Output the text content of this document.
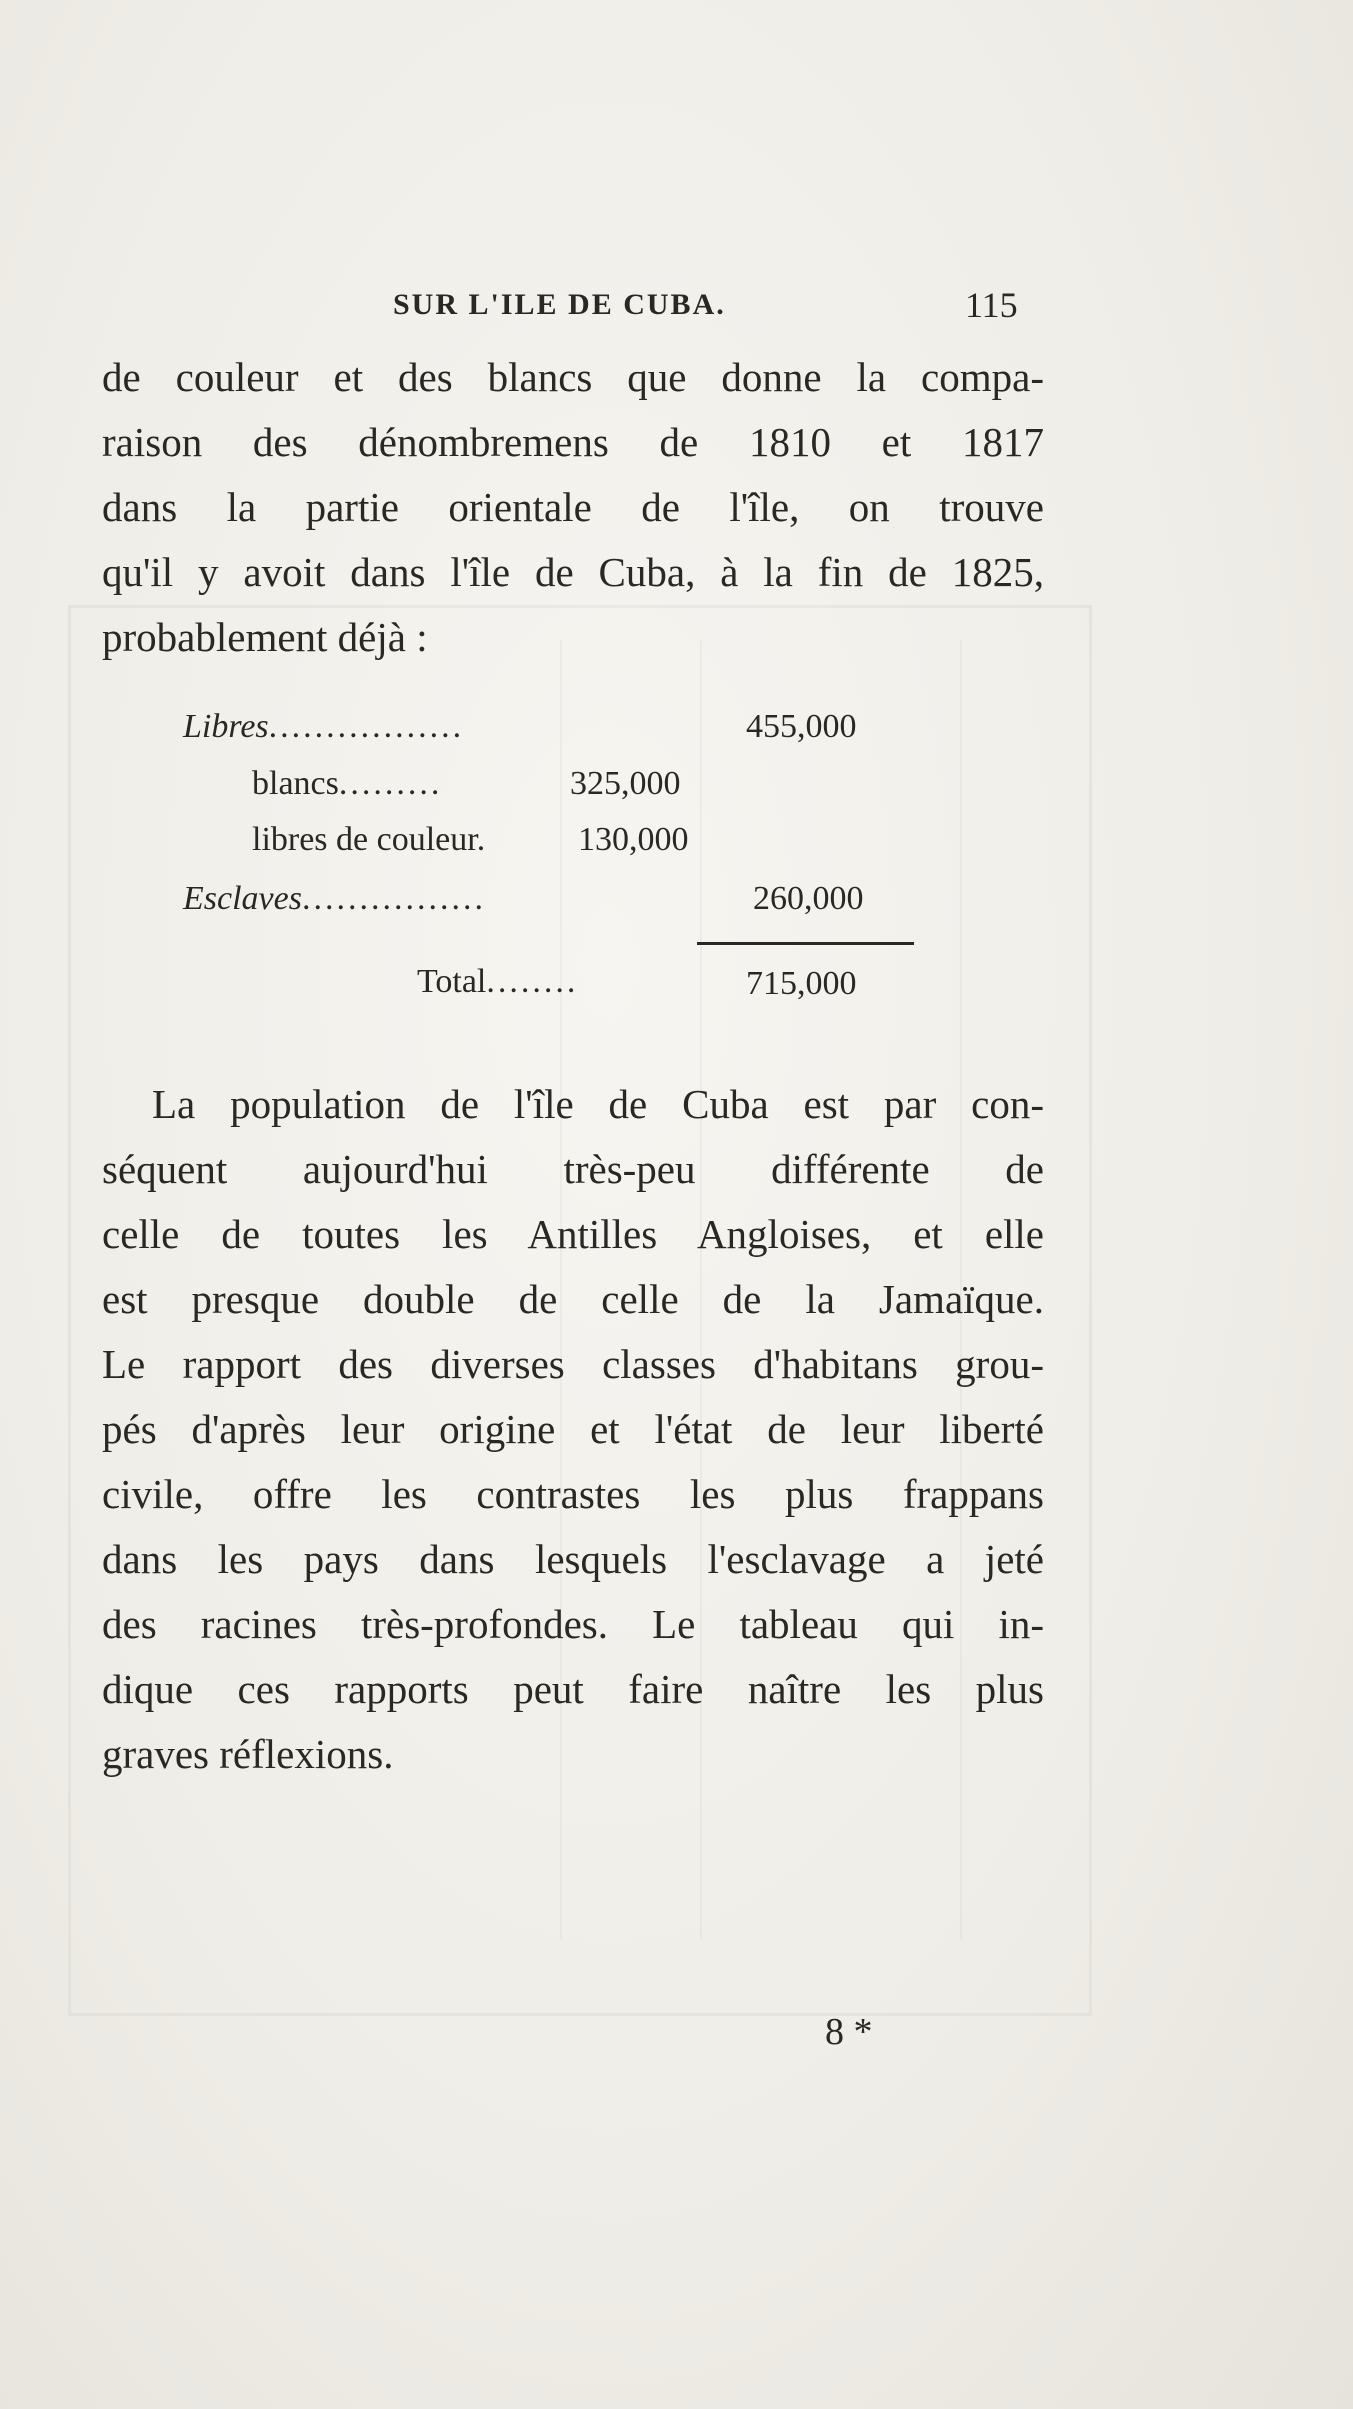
SUR L'ILE DE CUBA.	115
de couleur et des blancs que donne la compa-
raison des dénombremens de 1810 et 1817
dans la partie orientale de l'île, on trouve
qu'il y avoit dans l'île de Cuba, à la fin de 1825,
probablement déjà :
Libres.................	455,000
blancs.........	325,000
libres de couleur.	130,000
Esclaves................	260,000
Total........	715,000
La population de l'île de Cuba est par con-
séquent aujourd'hui très-peu différente de
celle de toutes les Antilles Angloises, et elle
est presque double de celle de la Jamaïque.
Le rapport des diverses classes d'habitans grou-
pés d'après leur origine et l'état de leur liberté
civile, offre les contrastes les plus frappans
dans les pays dans lesquels l'esclavage a jeté
des racines très-profondes. Le tableau qui in-
dique ces rapports peut faire naître les plus
graves réflexions.
8 *
